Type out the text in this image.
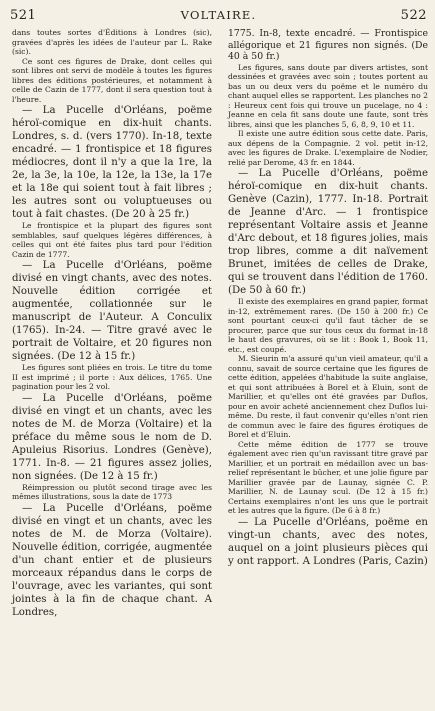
521	VOLTAIRE.	522

dans toutes sortes d'Éditions à Londres (sic), gravées d'après les idées de l'auteur par L. Rake (sic).

Ce sont ces figures de Drake, dont celles qui sont libres ont servi de modèle à toutes les figures libres des éditions postérieures, et notamment à celle de Cazin de 1777, dont il sera question tout à l'heure.

— La Pucelle d'Orléans, poëme héroï-comique en dix-huit chants. Londres, s. d. (vers 1770). In-18, texte encadré. — 1 frontispice et 18 figures médiocres, dont il n'y a que la 1re, la 2e, la 3e, la 10e, la 12e, la 13e, la 17e et la 18e qui soient tout à fait libres ; les autres sont ou voluptueuses ou tout à fait chastes. (De 20 à 25 fr.)

Le frontispice et la plupart des figures sont semblables, sauf quelques légères différences, à celles qui ont été faites plus tard pour l'édition Cazin de 1777.

— La Pucelle d'Orléans, poëme divisé en vingt chants, avec des notes. Nouvelle édition corrigée et augmentée, collationnée sur le manuscript de l'Auteur. A Conculix (1765). In-24. — Titre gravé avec le portrait de Voltaire, et 20 figures non signées. (De 12 à 15 fr.)

Les figures sont pliées en trois. Le titre du tome II est imprimé ; il porte : Aux délices, 1765. Une pagination pour les 2 vol.

— La Pucelle d'Orléans, poëme divisé en vingt et un chants, avec les notes de M. de Morza (Voltaire) et la préface du même sous le nom de D. Apuleius Risorius. Londres (Genève), 1771. In-8. — 21 figures assez jolies, non signées. (De 12 à 15 fr.)

Réimpression ou plutôt second tirage avec les mêmes illustrations, sous la date de 1773

— La Pucelle d'Orléans, poëme divisé en vingt et un chants, avec les notes de M. de Morza (Voltaire). Nouvelle édition, corrigée, augmentée d'un chant entier et de plusieurs morceaux répandus dans le corps de l'ouvrage, avec les variantes, qui sont jointes à la fin de chaque chant. A Londres,

1775. In-8, texte encadré. — Frontispice allégorique et 21 figures non signés. (De 40 à 50 fr.)

Les figures, sans doute par divers artistes, sont dessinées et gravées avec soin ; toutes portent au bas un ou deux vers du poëme et le numéro du chant auquel elles se rapportent. Les planches no 2 : Heureux cent fois qui trouve un pucelage, no 4 : Jeanne en cela fit sans doute une faute, sont très libres, ainsi que les planches 5, 6, 8, 9, 10 et 11.

Il existe une autre édition sous cette date. Paris, aux dépens de la Compagnie. 2 vol. petit in-12, avec les figures de Drake. L'exemplaire de Nodier, relié par Derome, 43 fr. en 1844.

— La Pucelle d'Orléans, poëme héroï-comique en dix-huit chants. Genève (Cazin), 1777. In-18. Portrait de Jeanne d'Arc. — 1 frontispice représentant Voltaire assis et Jeanne d'Arc debout, et 18 figures jolies, mais trop libres, comme a dit naïvement Brunet, imitées de celles de Drake, qui se trouvent dans l'édition de 1760. (De 50 à 60 fr.)

Il existe des exemplaires en grand papier, format in-12, extrêmement rares. (De 150 à 200 fr.) Ce sont pourtant ceux-ci qu'il faut tâcher de se procurer, parce que sur tous ceux du format in-18 le haut des gravures, où se lit : Book 1, Book 11, etc., est coupé.

M. Sieurin m'a assuré qu'un vieil amateur, qu'il a connu, savait de source certaine que les figures de cette édition, appelées d'habitude la suite anglaise, et qui sont attribuées à Borel et à Eluin, sont de Marillier, et qu'elles ont été gravées par Duflos, pour en avoir acheté anciennement chez Duflos lui-même. Du reste, il faut convenir qu'elles n'ont rien de commun avec le faire des figures érotiques de Borel et d'Eluin.

Cette même édition de 1777 se trouve également avec rien qu'un ravissant titre gravé par Marillier, et un portrait en médaillon avec un bas-relief représentant le bûcher, et une jolie figure par Marillier gravée par de Launay, signée C. P. Marillier, N. de Launay scul. (De 12 à 15 fr.) Certains exemplaires n'ont les uns que le portrait et les autres que la figure. (De 6 à 8 fr.)

— La Pucelle d'Orléans, poëme en vingt-un chants, avec des notes, auquel on a joint plusieurs pièces qui y ont rapport. A Londres (Paris, Cazin)
